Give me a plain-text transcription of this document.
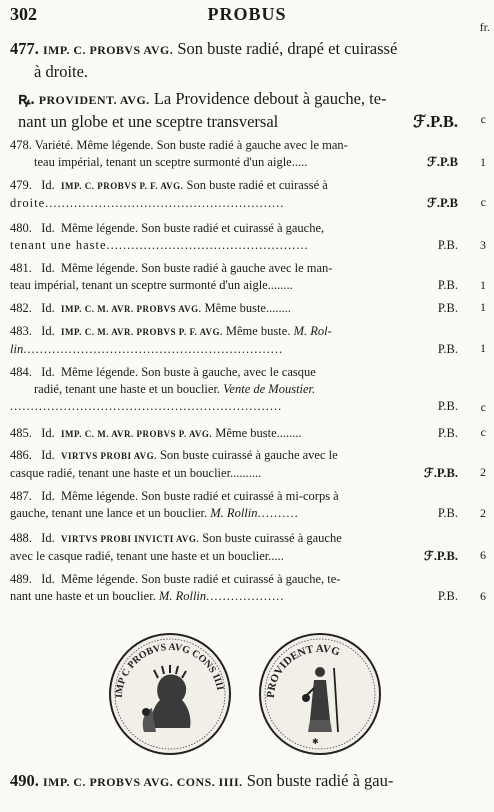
302	PROBUS
fr.
477. IMP. C. PROBVS AVG. Son buste radié, drapé et cuirassé
à droite.
ꝶ. PROVIDENT. AVG. La Providence debout à gauche, te-
nant un globe et une sceptre transversal	ℱ.P.B.	c
478. Variété. Même légende. Son buste radié à gauche avec le man-
teau impérial, tenant un sceptre surmonté d'un aigle.....	ℱ.P.B	1
479. Id. IMP. C. PROBVS P. F. AVG. Son buste radié et cuirassé à
droite..........................................................	ℱ.P.B	c
480. Id. Même légende. Son buste radié et cuirassé à gauche,
tenant une haste.................................................	P.B.	3
481. Id. Même légende. Son buste radié à gauche avec le man-
teau impérial, tenant un sceptre surmonté d'un aigle........	P.B.	1
482. Id. IMP. C. M. AVR. PROBVS AVG. Même buste........	P.B.	1
483. Id. IMP. C. M. AVR. PROBVS P. F. AVG. Même buste. M. Rol-
lin...............................................................	P.B.	1
484. Id. Même légende. Son buste à gauche, avec le casque
radié, tenant une haste et un bouclier. Vente de Moustier.
..................................................................	P.B.	c
485. Id. IMP. C. M. AVR. PROBVS P. AVG. Même buste........	P.B.	c
486. Id. VIRTVS PROBI AVG. Son buste cuirassé à gauche avec le
casque radié, tenant une haste et un bouclier..........	ℱ.P.B.	2
487. Id. Même légende. Son buste radié et cuirassé à mi-corps à
gauche, tenant une lance et un bouclier. M. Rollin..........	P.B.	2
488. Id. VIRTVS PROBI INVICTI AVG. Son buste cuirassé à gauche
avec le casque radié, tenant une haste et un bouclier.....	ℱ.P.B.	6
489. Id. Même légende. Son buste radié et cuirassé à gauche, te-
nant une haste et un bouclier. M. Rollin...................	P.B.	6
IMP C PROBVS AVG CONS IIII
PROVIDENT AVG
✱
490. IMP. C. PROBVS AVG. CONS. IIII. Son buste radié à gau-
